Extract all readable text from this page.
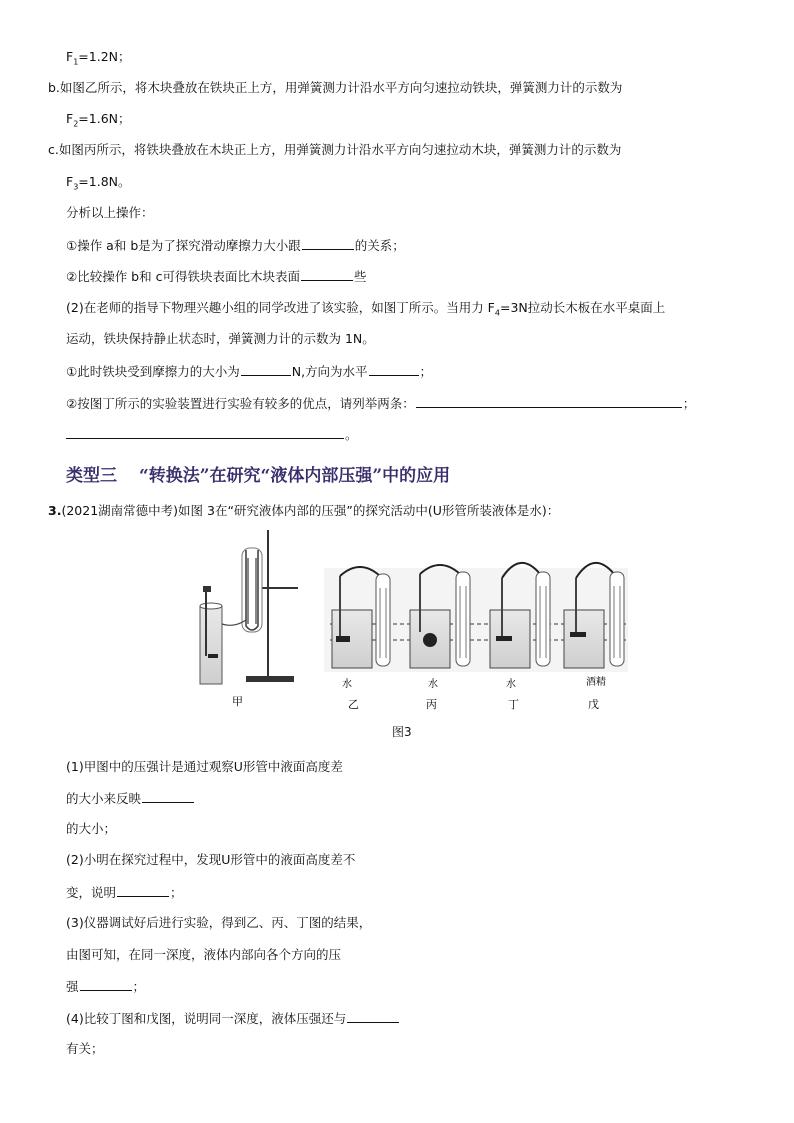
$F_1=1.2N$；
b.如图乙所示，将木块叠放在铁块正上方，用弹簧测力计沿水平方向匀速拉动铁块，弹簧测力计的示数为
$F_2=1.6N$；
c.如图丙所示，将铁块叠放在木块正上方，用弹簧测力计沿水平方向匀速拉动木块，弹簧测力计的示数为
$F_3=1.8N$。
分析以上操作：
①操作 a和 b是为了探究滑动摩擦力大小跟	的关系；
②比较操作 b和 c可得铁块表面比木块表面	些
(2)在老师的指导下物理兴趣小组的同学改进了该实验，如图丁所示。当用力 $F_4=3N$拉动长木板在水平桌面上
运动，铁块保持静止状态时，弹簧测力计的示数为 1N。
①此时铁块受到摩擦力的大小为	N,方向为水平	；
②按图丁所示的实验装置进行实验有较多的优点，请列举两条：	；
。
类型三 “转换法”在研究“液体内部压强”中的应用
3.(2021湖南常德中考)如图 3在“研究液体内部的压强”的探究活动中(U形管所装液体是水)：
甲
水
乙
水
丙
水
丁
酒精
戊
图3
(1)甲图中的压强计是通过观察U形管中液面高度差
的大小来反映
的大小；
(2)小明在探究过程中，发现U形管中的液面高度差不
变，说明	；
(3)仪器调试好后进行实验，得到乙、丙、丁图的结果，
由图可知，在同一深度，液体内部向各个方向的压
强	；
(4)比较丁图和戊图，说明同一深度，液体压强还与
有关；
